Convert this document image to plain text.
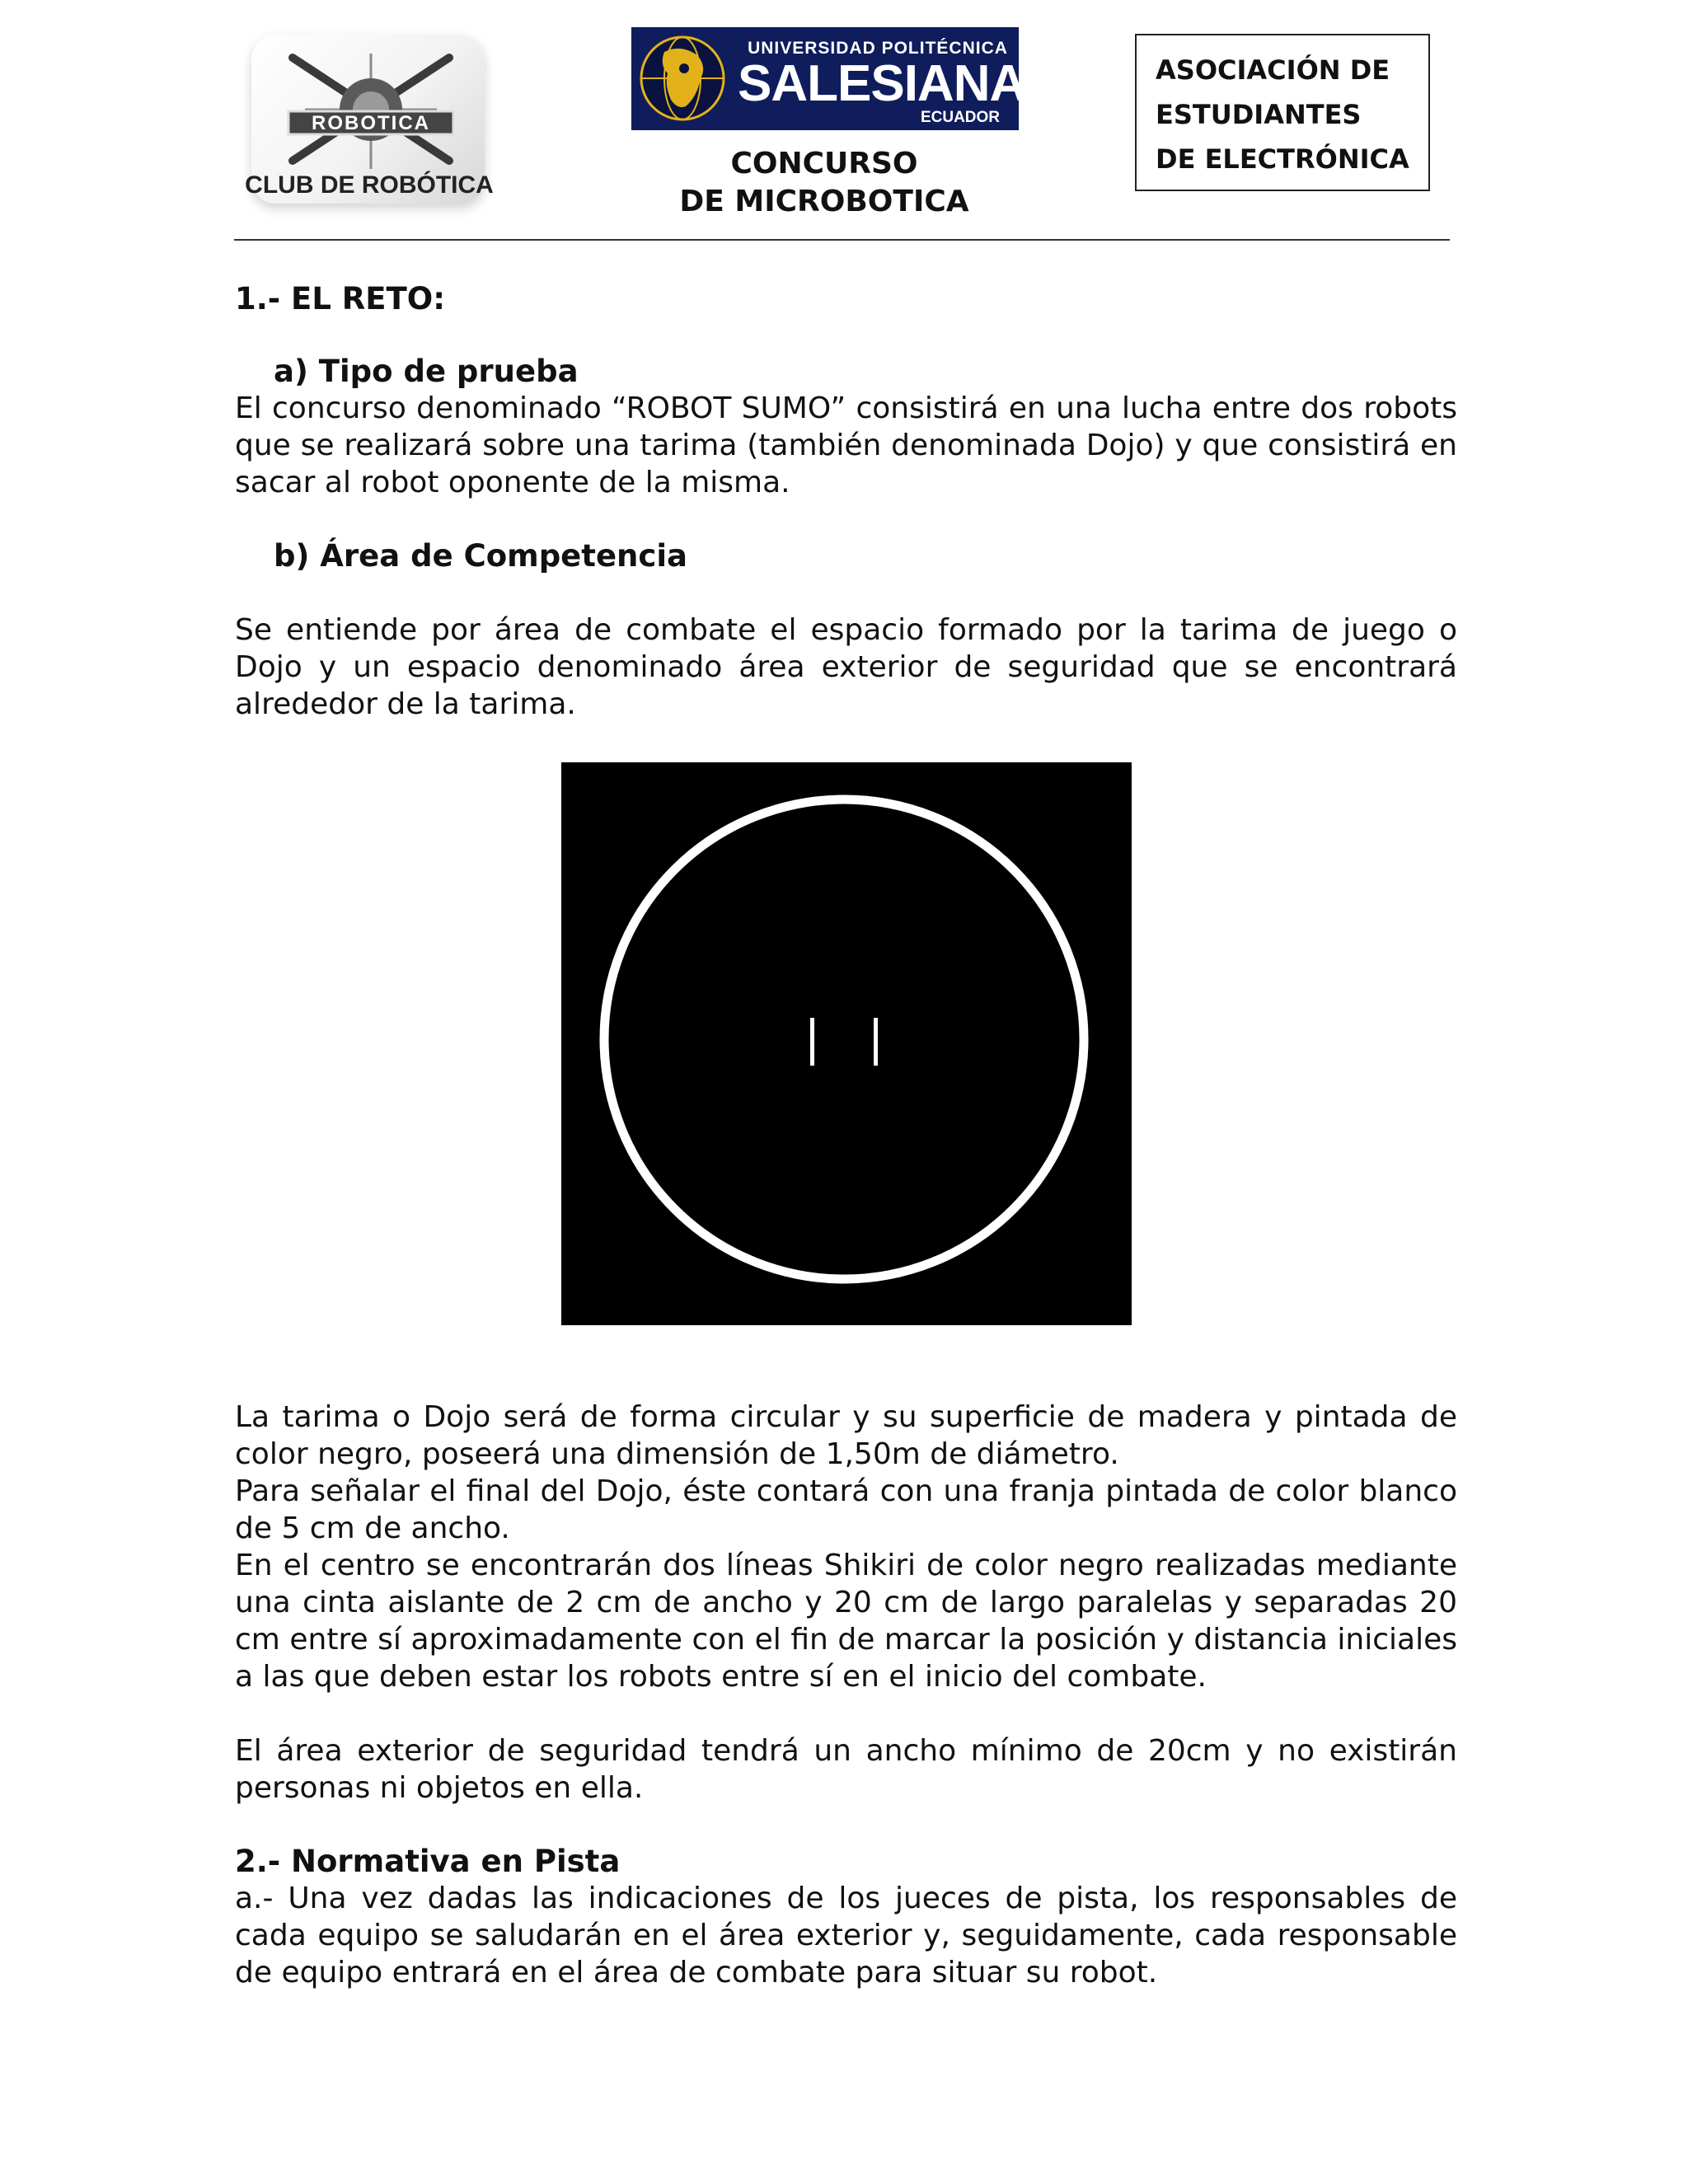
ROBOTICA
CLUB DE ROBÓTICA
UNIVERSIDAD POLITÉCNICA
SALESIANA
ECUADOR
CONCURSO
DE MICROBOTICA
ASOCIACIÓN DE
ESTUDIANTES
DE ELECTRÓNICA
1.- EL RETO:
a) Tipo de prueba
El concurso denominado “ROBOT SUMO” consistirá en una lucha entre dos robots que se realizará sobre una tarima (también denominada Dojo) y que consistirá en sacar al robot oponente de la misma.
b) Área de Competencia
Se entiende por área de combate el espacio formado por la tarima de juego o Dojo y un espacio denominado área exterior de seguridad que se encontrará alrededor de la tarima.
La tarima o Dojo será de forma circular y su superficie de madera y pintada de color negro, poseerá una dimensión de 1,50m de diámetro.
Para señalar el final del Dojo, éste contará con una franja pintada de color blanco de 5 cm de ancho.
En el centro se encontrarán dos líneas Shikiri de color negro realizadas mediante una cinta aislante de 2 cm de ancho y 20 cm de largo paralelas y separadas 20 cm entre sí aproximadamente con el fin de marcar la posición y distancia iniciales a las que deben estar los robots entre sí en el inicio del combate.
El área exterior de seguridad tendrá un ancho mínimo de 20cm y no existirán personas ni objetos en ella.
2.- Normativa en Pista
a.- Una vez dadas las indicaciones de los jueces de pista, los responsables de cada equipo se saludarán en el área exterior y, seguidamente, cada responsable de equipo entrará en el área de combate para situar su robot.
